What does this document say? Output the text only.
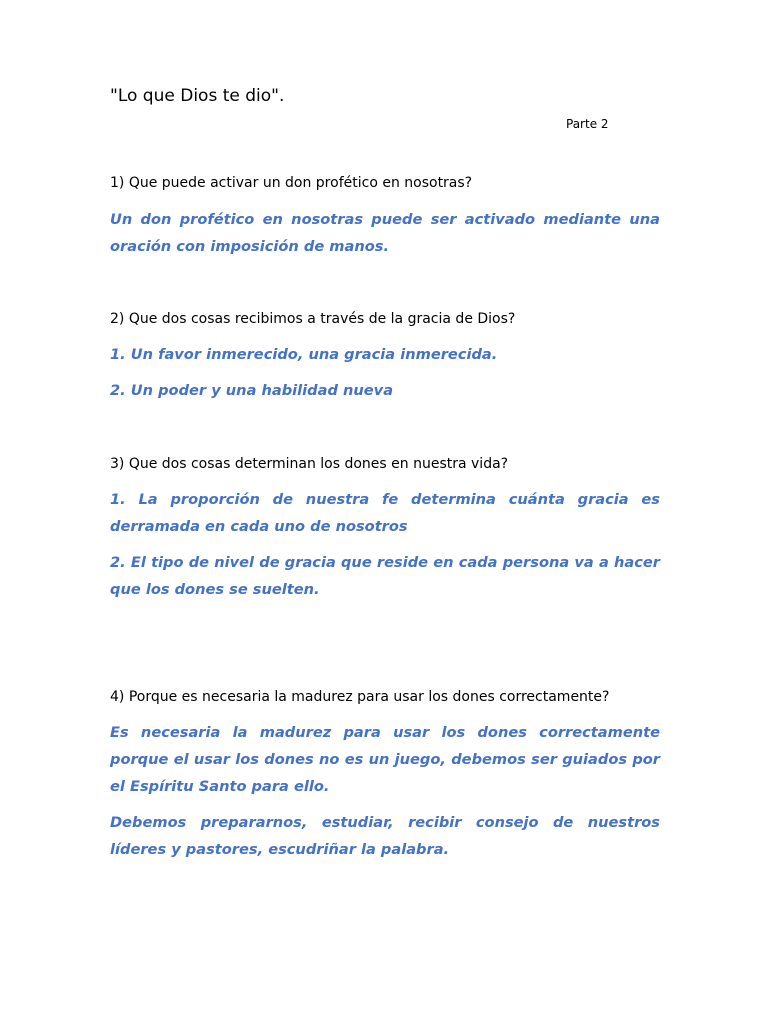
"Lo que Dios te dio".
Parte 2
1) Que puede activar un don profético en nosotras?
Un don profético en nosotras puede ser activado mediante una oración con imposición de manos.
2) Que dos cosas recibimos a través de la gracia de Dios?
1. Un favor inmerecido, una gracia inmerecida.
2. Un poder y una habilidad nueva
3) Que dos cosas determinan los dones en nuestra vida?
1. La proporción de nuestra fe determina cuánta gracia es derramada en cada uno de nosotros
2. El tipo de nivel de gracia que reside en cada persona va a hacer que los dones se suelten.
4) Porque es necesaria la madurez para usar los dones correctamente?
Es necesaria la madurez para usar los dones correctamente porque el usar los dones no es un juego, debemos ser guiados por el Espíritu Santo para ello.
Debemos prepararnos, estudiar, recibir consejo de nuestros líderes y pastores, escudriñar la palabra.
